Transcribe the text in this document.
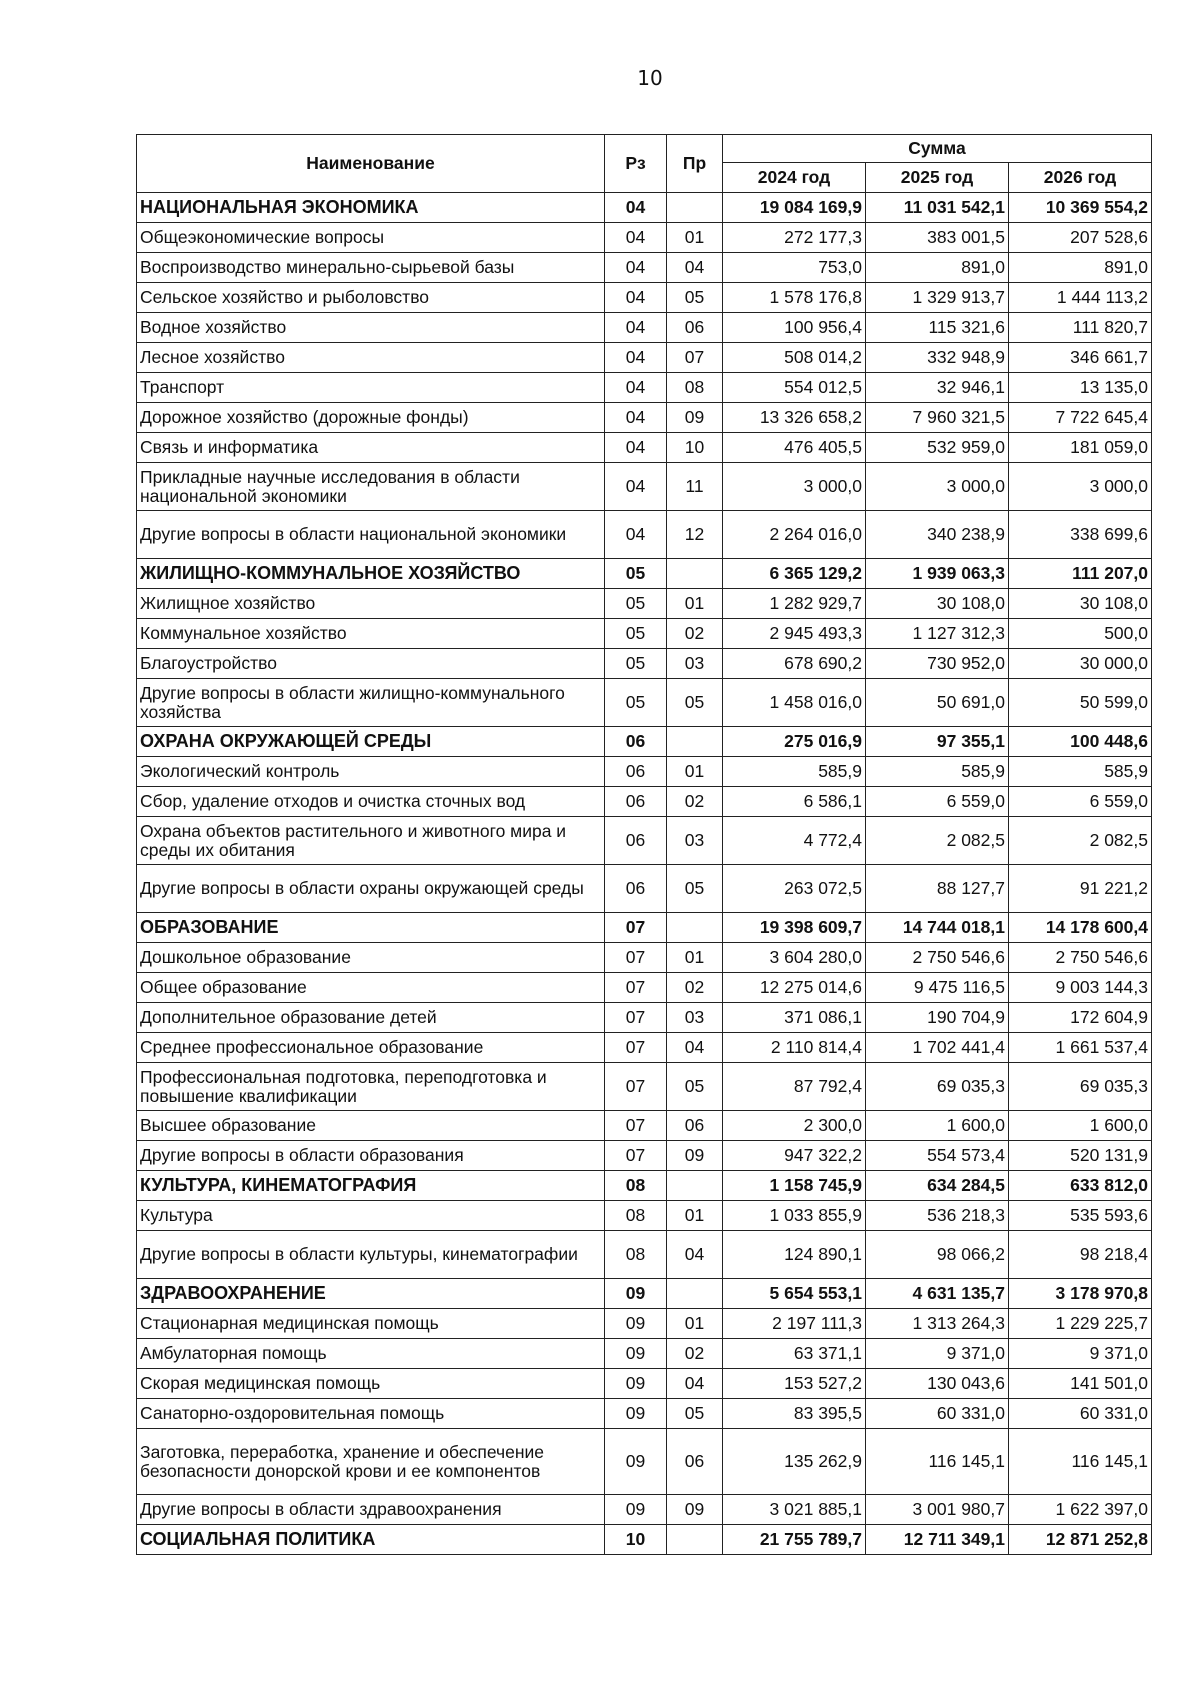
10
Наименование	Рз	Пр	Сумма		
			2024 год	2025 год	2026 год
НАЦИОНАЛЬНАЯ ЭКОНОМИКА	04		19 084 169,9	11 031 542,1	10 369 554,2
Общеэкономические вопросы	04	01	272 177,3	383 001,5	207 528,6
Воспроизводство минерально-сырьевой базы	04	04	753,0	891,0	891,0
Сельское хозяйство и рыболовство	04	05	1 578 176,8	1 329 913,7	1 444 113,2
Водное хозяйство	04	06	100 956,4	115 321,6	111 820,7
Лесное хозяйство	04	07	508 014,2	332 948,9	346 661,7
Транспорт	04	08	554 012,5	32 946,1	13 135,0
Дорожное хозяйство (дорожные фонды)	04	09	13 326 658,2	7 960 321,5	7 722 645,4
Связь и информатика	04	10	476 405,5	532 959,0	181 059,0
Прикладные научные исследования в области национальной экономики	04	11	3 000,0	3 000,0	3 000,0
Другие вопросы в области национальной экономики	04	12	2 264 016,0	340 238,9	338 699,6
ЖИЛИЩНО-КОММУНАЛЬНОЕ ХОЗЯЙСТВО	05		6 365 129,2	1 939 063,3	111 207,0
Жилищное хозяйство	05	01	1 282 929,7	30 108,0	30 108,0
Коммунальное хозяйство	05	02	2 945 493,3	1 127 312,3	500,0
Благоустройство	05	03	678 690,2	730 952,0	30 000,0
Другие вопросы в области жилищно-коммунального хозяйства	05	05	1 458 016,0	50 691,0	50 599,0
ОХРАНА ОКРУЖАЮЩЕЙ СРЕДЫ	06		275 016,9	97 355,1	100 448,6
Экологический контроль	06	01	585,9	585,9	585,9
Сбор, удаление отходов и очистка сточных вод	06	02	6 586,1	6 559,0	6 559,0
Охрана объектов растительного и животного мира и среды их обитания	06	03	4 772,4	2 082,5	2 082,5
Другие вопросы в области охраны окружающей среды	06	05	263 072,5	88 127,7	91 221,2
ОБРАЗОВАНИЕ	07		19 398 609,7	14 744 018,1	14 178 600,4
Дошкольное образование	07	01	3 604 280,0	2 750 546,6	2 750 546,6
Общее образование	07	02	12 275 014,6	9 475 116,5	9 003 144,3
Дополнительное образование детей	07	03	371 086,1	190 704,9	172 604,9
Среднее профессиональное образование	07	04	2 110 814,4	1 702 441,4	1 661 537,4
Профессиональная подготовка, переподготовка и повышение квалификации	07	05	87 792,4	69 035,3	69 035,3
Высшее образование	07	06	2 300,0	1 600,0	1 600,0
Другие вопросы в области образования	07	09	947 322,2	554 573,4	520 131,9
КУЛЬТУРА, КИНЕМАТОГРАФИЯ	08		1 158 745,9	634 284,5	633 812,0
Культура	08	01	1 033 855,9	536 218,3	535 593,6
Другие вопросы в области культуры, кинематографии	08	04	124 890,1	98 066,2	98 218,4
ЗДРАВООХРАНЕНИЕ	09		5 654 553,1	4 631 135,7	3 178 970,8
Стационарная медицинская помощь	09	01	2 197 111,3	1 313 264,3	1 229 225,7
Амбулаторная помощь	09	02	63 371,1	9 371,0	9 371,0
Скорая медицинская помощь	09	04	153 527,2	130 043,6	141 501,0
Санаторно-оздоровительная помощь	09	05	83 395,5	60 331,0	60 331,0
Заготовка, переработка, хранение и обеспечение безопасности донорской крови и ее компонентов	09	06	135 262,9	116 145,1	116 145,1
Другие вопросы в области здравоохранения	09	09	3 021 885,1	3 001 980,7	1 622 397,0
СОЦИАЛЬНАЯ ПОЛИТИКА	10		21 755 789,7	12 711 349,1	12 871 252,8
